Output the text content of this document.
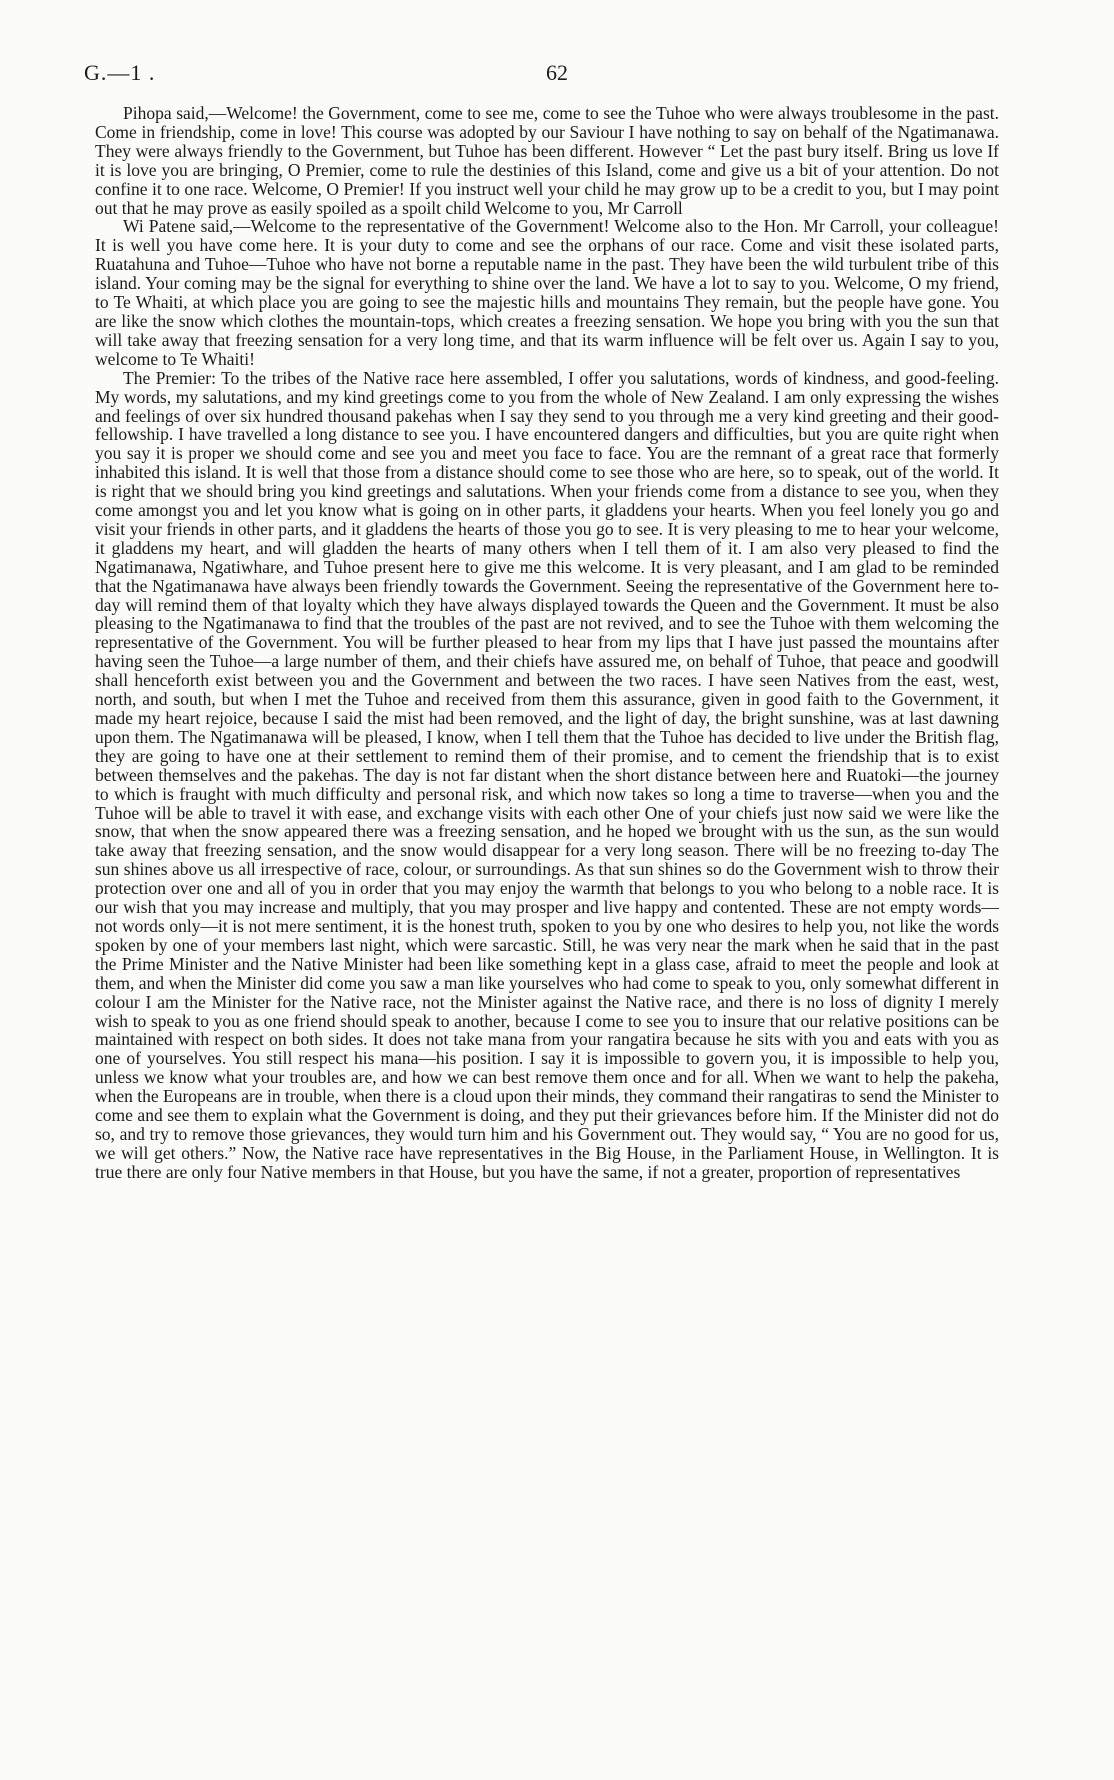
G.—1 .	62

Pihopa said,—Welcome! the Government, come to see me, come to see the Tuhoe who were always troublesome in the past. Come in friendship, come in love! This course was adopted by our Saviour I have nothing to say on behalf of the Ngatimanawa. They were always friendly to the Government, but Tuhoe has been different. However “ Let the past bury itself. Bring us love If it is love you are bringing, O Premier, come to rule the destinies of this Island, come and give us a bit of your attention. Do not confine it to one race. Welcome, O Premier! If you instruct well your child he may grow up to be a credit to you, but I may point out that he may prove as easily spoiled as a spoilt child Welcome to you, Mr Carroll

Wi Patene said,—Welcome to the representative of the Government! Welcome also to the Hon. Mr Carroll, your colleague! It is well you have come here. It is your duty to come and see the orphans of our race. Come and visit these isolated parts, Ruatahuna and Tuhoe—Tuhoe who have not borne a reputable name in the past. They have been the wild turbulent tribe of this island. Your coming may be the signal for everything to shine over the land. We have a lot to say to you. Welcome, O my friend, to Te Whaiti, at which place you are going to see the majestic hills and mountains They remain, but the people have gone. You are like the snow which clothes the mountain-tops, which creates a freezing sensation. We hope you bring with you the sun that will take away that freezing sensation for a very long time, and that its warm influence will be felt over us. Again I say to you, welcome to Te Whaiti!

The Premier: To the tribes of the Native race here assembled, I offer you salutations, words of kindness, and good-feeling. My words, my salutations, and my kind greetings come to you from the whole of New Zealand. I am only expressing the wishes and feelings of over six hundred thousand pakehas when I say they send to you through me a very kind greeting and their good-fellowship. I have travelled a long distance to see you. I have encountered dangers and difficulties, but you are quite right when you say it is proper we should come and see you and meet you face to face. You are the remnant of a great race that formerly inhabited this island. It is well that those from a distance should come to see those who are here, so to speak, out of the world. It is right that we should bring you kind greetings and salutations. When your friends come from a distance to see you, when they come amongst you and let you know what is going on in other parts, it gladdens your hearts. When you feel lonely you go and visit your friends in other parts, and it gladdens the hearts of those you go to see. It is very pleasing to me to hear your welcome, it gladdens my heart, and will gladden the hearts of many others when I tell them of it. I am also very pleased to find the Ngatimanawa, Ngatiwhare, and Tuhoe present here to give me this welcome. It is very pleasant, and I am glad to be reminded that the Ngatimanawa have always been friendly towards the Government. Seeing the representative of the Government here to-day will remind them of that loyalty which they have always displayed towards the Queen and the Government. It must be also pleasing to the Ngatimanawa to find that the troubles of the past are not revived, and to see the Tuhoe with them welcoming the representative of the Government. You will be further pleased to hear from my lips that I have just passed the mountains after having seen the Tuhoe—a large number of them, and their chiefs have assured me, on behalf of Tuhoe, that peace and goodwill shall henceforth exist between you and the Government and between the two races. I have seen Natives from the east, west, north, and south, but when I met the Tuhoe and received from them this assurance, given in good faith to the Government, it made my heart rejoice, because I said the mist had been removed, and the light of day, the bright sunshine, was at last dawning upon them. The Ngatimanawa will be pleased, I know, when I tell them that the Tuhoe has decided to live under the British flag, they are going to have one at their settlement to remind them of their promise, and to cement the friendship that is to exist between themselves and the pakehas. The day is not far distant when the short distance between here and Ruatoki—the journey to which is fraught with much difficulty and personal risk, and which now takes so long a time to traverse—when you and the Tuhoe will be able to travel it with ease, and exchange visits with each other One of your chiefs just now said we were like the snow, that when the snow appeared there was a freezing sensation, and he hoped we brought with us the sun, as the sun would take away that freezing sensation, and the snow would disappear for a very long season. There will be no freezing to-day The sun shines above us all irrespective of race, colour, or surroundings. As that sun shines so do the Government wish to throw their protection over one and all of you in order that you may enjoy the warmth that belongs to you who belong to a noble race. It is our wish that you may increase and multiply, that you may prosper and live happy and contented. These are not empty words—not words only—it is not mere sentiment, it is the honest truth, spoken to you by one who desires to help you, not like the words spoken by one of your members last night, which were sarcastic. Still, he was very near the mark when he said that in the past the Prime Minister and the Native Minister had been like something kept in a glass case, afraid to meet the people and look at them, and when the Minister did come you saw a man like yourselves who had come to speak to you, only somewhat different in colour I am the Minister for the Native race, not the Minister against the Native race, and there is no loss of dignity I merely wish to speak to you as one friend should speak to another, because I come to see you to insure that our relative positions can be maintained with respect on both sides. It does not take mana from your rangatira because he sits with you and eats with you as one of yourselves. You still respect his mana—his position. I say it is impossible to govern you, it is impossible to help you, unless we know what your troubles are, and how we can best remove them once and for all. When we want to help the pakeha, when the Europeans are in trouble, when there is a cloud upon their minds, they command their rangatiras to send the Minister to come and see them to explain what the Government is doing, and they put their grievances before him. If the Minister did not do so, and try to remove those grievances, they would turn him and his Government out. They would say, “ You are no good for us, we will get others.” Now, the Native race have representatives in the Big House, in the Parliament House, in Wellington. It is true there are only four Native members in that House, but you have the same, if not a greater, proportion of representatives
